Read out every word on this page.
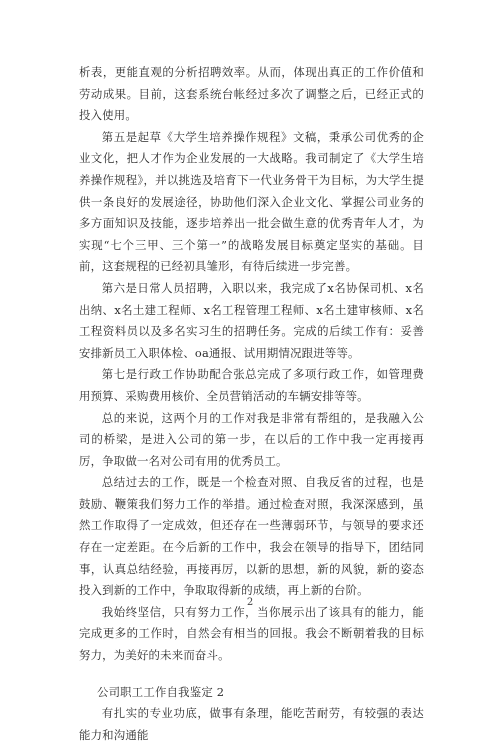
析表，更能直观的分析招聘效率。从而，体现出真正的工作价值和劳动成果。目前，这套系统台帐经过多次了调整之后，已经正式的投入使用。

第五是起草《大学生培养操作规程》文稿，秉承公司优秀的企业文化，把人才作为企业发展的一大战略。我司制定了《大学生培养操作规程》，并以挑选及培育下一代业务骨干为目标，为大学生提供一条良好的发展途径，协助他们深入企业文化、掌握公司业务的多方面知识及技能，逐步培养出一批会做生意的优秀青年人才，为实现“七个三甲、三个第一”的战略发展目标奠定坚实的基础。目前，这套规程的已经初具雏形，有待后续进一步完善。

第六是日常人员招聘，入职以来，我完成了x名协保司机、x名出纳、x名土建工程师、x名工程管理工程师、x名土建审核师、x名工程资料员以及多名实习生的招聘任务。完成的后续工作有：妥善安排新员工入职体检、oa通报、试用期情况跟进等等。

第七是行政工作协助配合张总完成了多项行政工作，如管理费用预算、采购费用核价、全员营销活动的车辆安排等等。

总的来说，这两个月的工作对我是非常有帮组的，是我融入公司的桥梁，是进入公司的第一步，在以后的工作中我一定再接再厉，争取做一名对公司有用的优秀员工。

总结过去的工作，既是一个检查对照、自我反省的过程，也是鼓励、鞭策我们努力工作的举措。通过检查对照，我深深感到，虽然工作取得了一定成效，但还存在一些薄弱环节，与领导的要求还存在一定差距。在今后新的工作中，我会在领导的指导下，团结同事，认真总结经验，再接再厉，以新的思想，新的风貌，新的姿态投入到新的工作中，争取取得新的成绩，再上新的台阶。

我始终坚信，只有努力工作，当你展示出了该具有的能力，能完成更多的工作时，自然会有相当的回报。我会不断朝着我的目标努力，为美好的未来而奋斗。

公司职工工作自我鉴定 2

有扎实的专业功底，做事有条理，能吃苦耐劳，有较强的表达能力和沟通能

2
